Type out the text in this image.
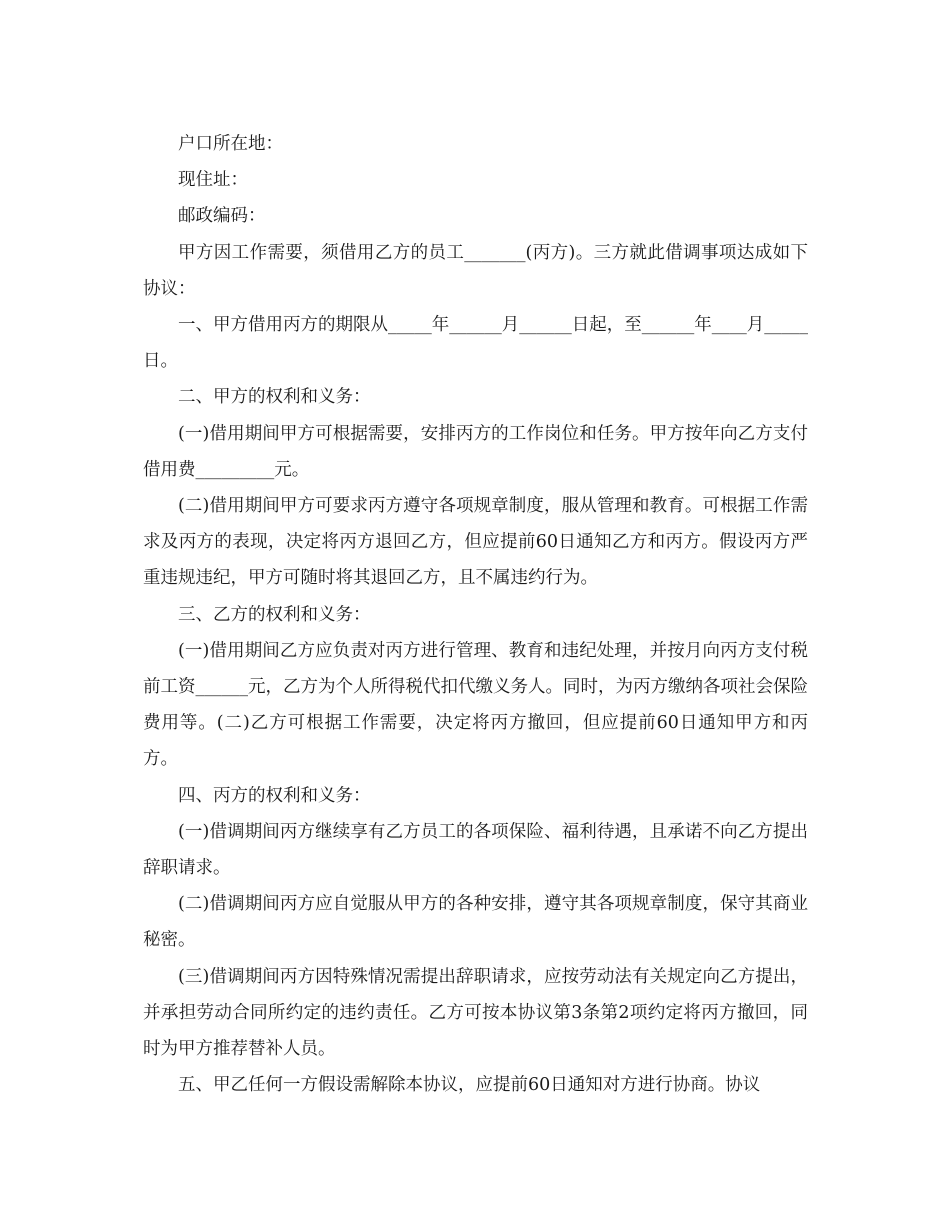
户口所在地：

现住址：

邮政编码：

甲方因工作需要，须借用乙方的员工_______(丙方)。三方就此借调事项达成如下协议：

一、甲方借用丙方的期限从_____年______月______日起，至______年____月_____日。

二、甲方的权利和义务：

(一)借用期间甲方可根据需要，安排丙方的工作岗位和任务。甲方按年向乙方支付借用费_________元。

(二)借用期间甲方可要求丙方遵守各项规章制度，服从管理和教育。可根据工作需求及丙方的表现，决定将丙方退回乙方，但应提前60日通知乙方和丙方。假设丙方严重违规违纪，甲方可随时将其退回乙方，且不属违约行为。

三、乙方的权利和义务：

(一)借用期间乙方应负责对丙方进行管理、教育和违纪处理，并按月向丙方支付税前工资______元，乙方为个人所得税代扣代缴义务人。同时，为丙方缴纳各项社会保险费用等。(二)乙方可根据工作需要，决定将丙方撤回，但应提前60日通知甲方和丙方。

四、丙方的权利和义务：

(一)借调期间丙方继续享有乙方员工的各项保险、福利待遇，且承诺不向乙方提出辞职请求。

(二)借调期间丙方应自觉服从甲方的各种安排，遵守其各项规章制度，保守其商业秘密。

(三)借调期间丙方因特殊情况需提出辞职请求，应按劳动法有关规定向乙方提出，并承担劳动合同所约定的违约责任。乙方可按本协议第3条第2项约定将丙方撤回，同时为甲方推荐替补人员。

五、甲乙任何一方假设需解除本协议，应提前60日通知对方进行协商。协议
